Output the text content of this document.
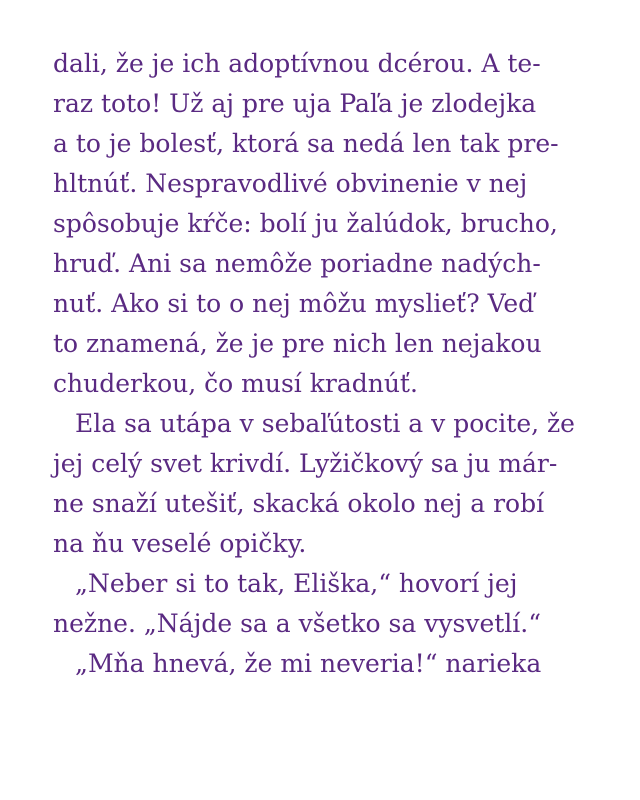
dali, že je ich adoptívnou dcérou. A te-
raz toto! Už aj pre uja Paľa je zlodejka
a to je bolesť, ktorá sa nedá len tak pre-
hltnúť. Nespravodlivé obvinenie v nej
spôsobuje kŕče: bolí ju žalúdok, brucho,
hruď. Ani sa nemôže poriadne nadých-
nuť. Ako si to o nej môžu myslieť? Veď
to znamená, že je pre nich len nejakou
chuderkou, čo musí kradnúť.
Ela sa utápa v sebaľútosti a v pocite, že
jej celý svet krivdí. Lyžičkový sa ju már-
ne snaží utešiť, skacká okolo nej a robí
na ňu veselé opičky.
„Neber si to tak, Eliška,“ hovorí jej
nežne. „Nájde sa a všetko sa vysvetlí.“
„Mňa hnevá, že mi neveria!“ narieka
